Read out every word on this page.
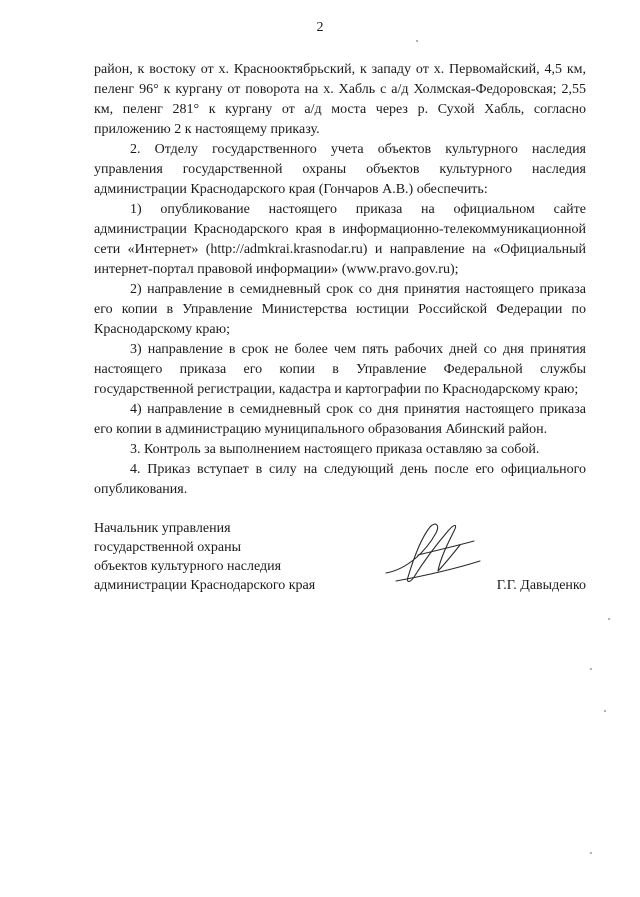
2

район, к востоку от х. Краснооктябрьский, к западу от х. Первомайский, 4,5 км, пеленг 96° к кургану от поворота на х. Хабль с а/д Холмская-Федоровская; 2,55 км, пеленг 281° к кургану от а/д моста через р. Сухой Хабль, согласно приложению 2 к настоящему приказу.

2. Отделу государственного учета объектов культурного наследия управления государственной охраны объектов культурного наследия администрации Краснодарского края (Гончаров А.В.) обеспечить:

1) опубликование настоящего приказа на официальном сайте администрации Краснодарского края в информационно-телекоммуникационной сети «Интернет» (http://admkrai.krasnodar.ru) и направление на «Официальный интернет-портал правовой информации» (www.pravo.gov.ru);

2) направление в семидневный срок со дня принятия настоящего приказа его копии в Управление Министерства юстиции Российской Федерации по Краснодарскому краю;

3) направление в срок не более чем пять рабочих дней со дня принятия настоящего приказа его копии в Управление Федеральной службы государственной регистрации, кадастра и картографии по Краснодарскому краю;

4) направление в семидневный срок со дня принятия настоящего приказа его копии в администрацию муниципального образования Абинский район.

3. Контроль за выполнением настоящего приказа оставляю за собой.

4. Приказ вступает в силу на следующий день после его официального опубликования.

Начальник управления
государственной охраны
объектов культурного наследия
администрации Краснодарского края	Г.Г. Давыденко
